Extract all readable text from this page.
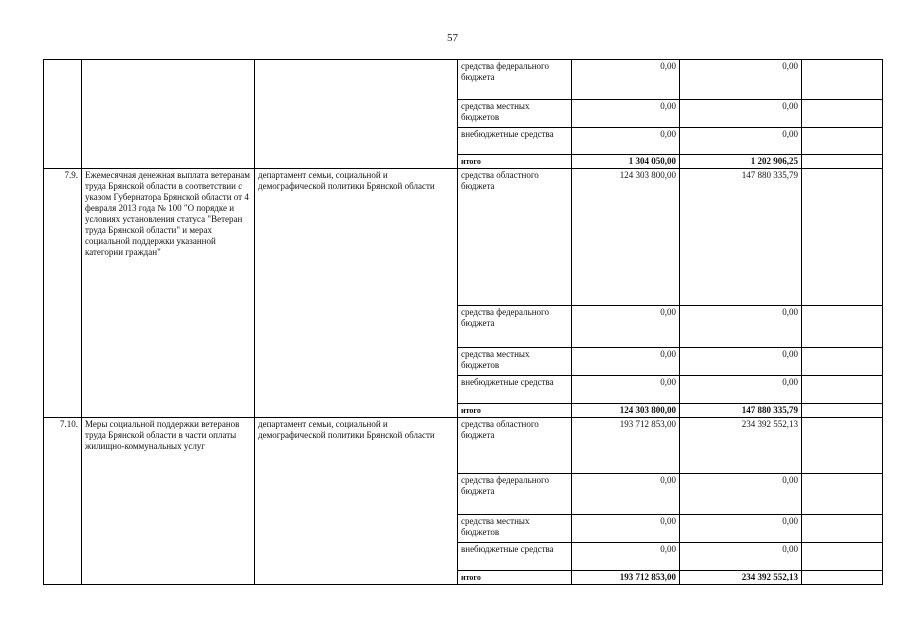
57
			средства федерального бюджета	0,00	0,00	
			средства местных бюджетов	0,00	0,00	
			внебюджетные средства	0,00	0,00	
			итого	1 304 050,00	1 202 906,25	
7.9.	Ежемесячная денежная выплата ветеранам труда Брянской области в соответствии с указом Губернатора Брянской области от 4 февраля 2013 года № 100 "О порядке и условиях установления статуса "Ветеран труда Брянской области" и мерах социальной поддержки указанной категории граждан"	департамент семьи, социальной и демографической политики Брянской области	средства областного бюджета	124 303 800,00	147 880 335,79	
			средства федерального бюджета	0,00	0,00	
			средства местных бюджетов	0,00	0,00	
			внебюджетные средства	0,00	0,00	
			итого	124 303 800,00	147 880 335,79	
7.10.	Меры социальной поддержки ветеранов труда Брянской области в части оплаты жилищно-коммунальных услуг	департамент семьи, социальной и демографической политики Брянской области	средства областного бюджета	193 712 853,00	234 392 552,13	
			средства федерального бюджета	0,00	0,00	
			средства местных бюджетов	0,00	0,00	
			внебюджетные средства	0,00	0,00	
			итого	193 712 853,00	234 392 552,13	
